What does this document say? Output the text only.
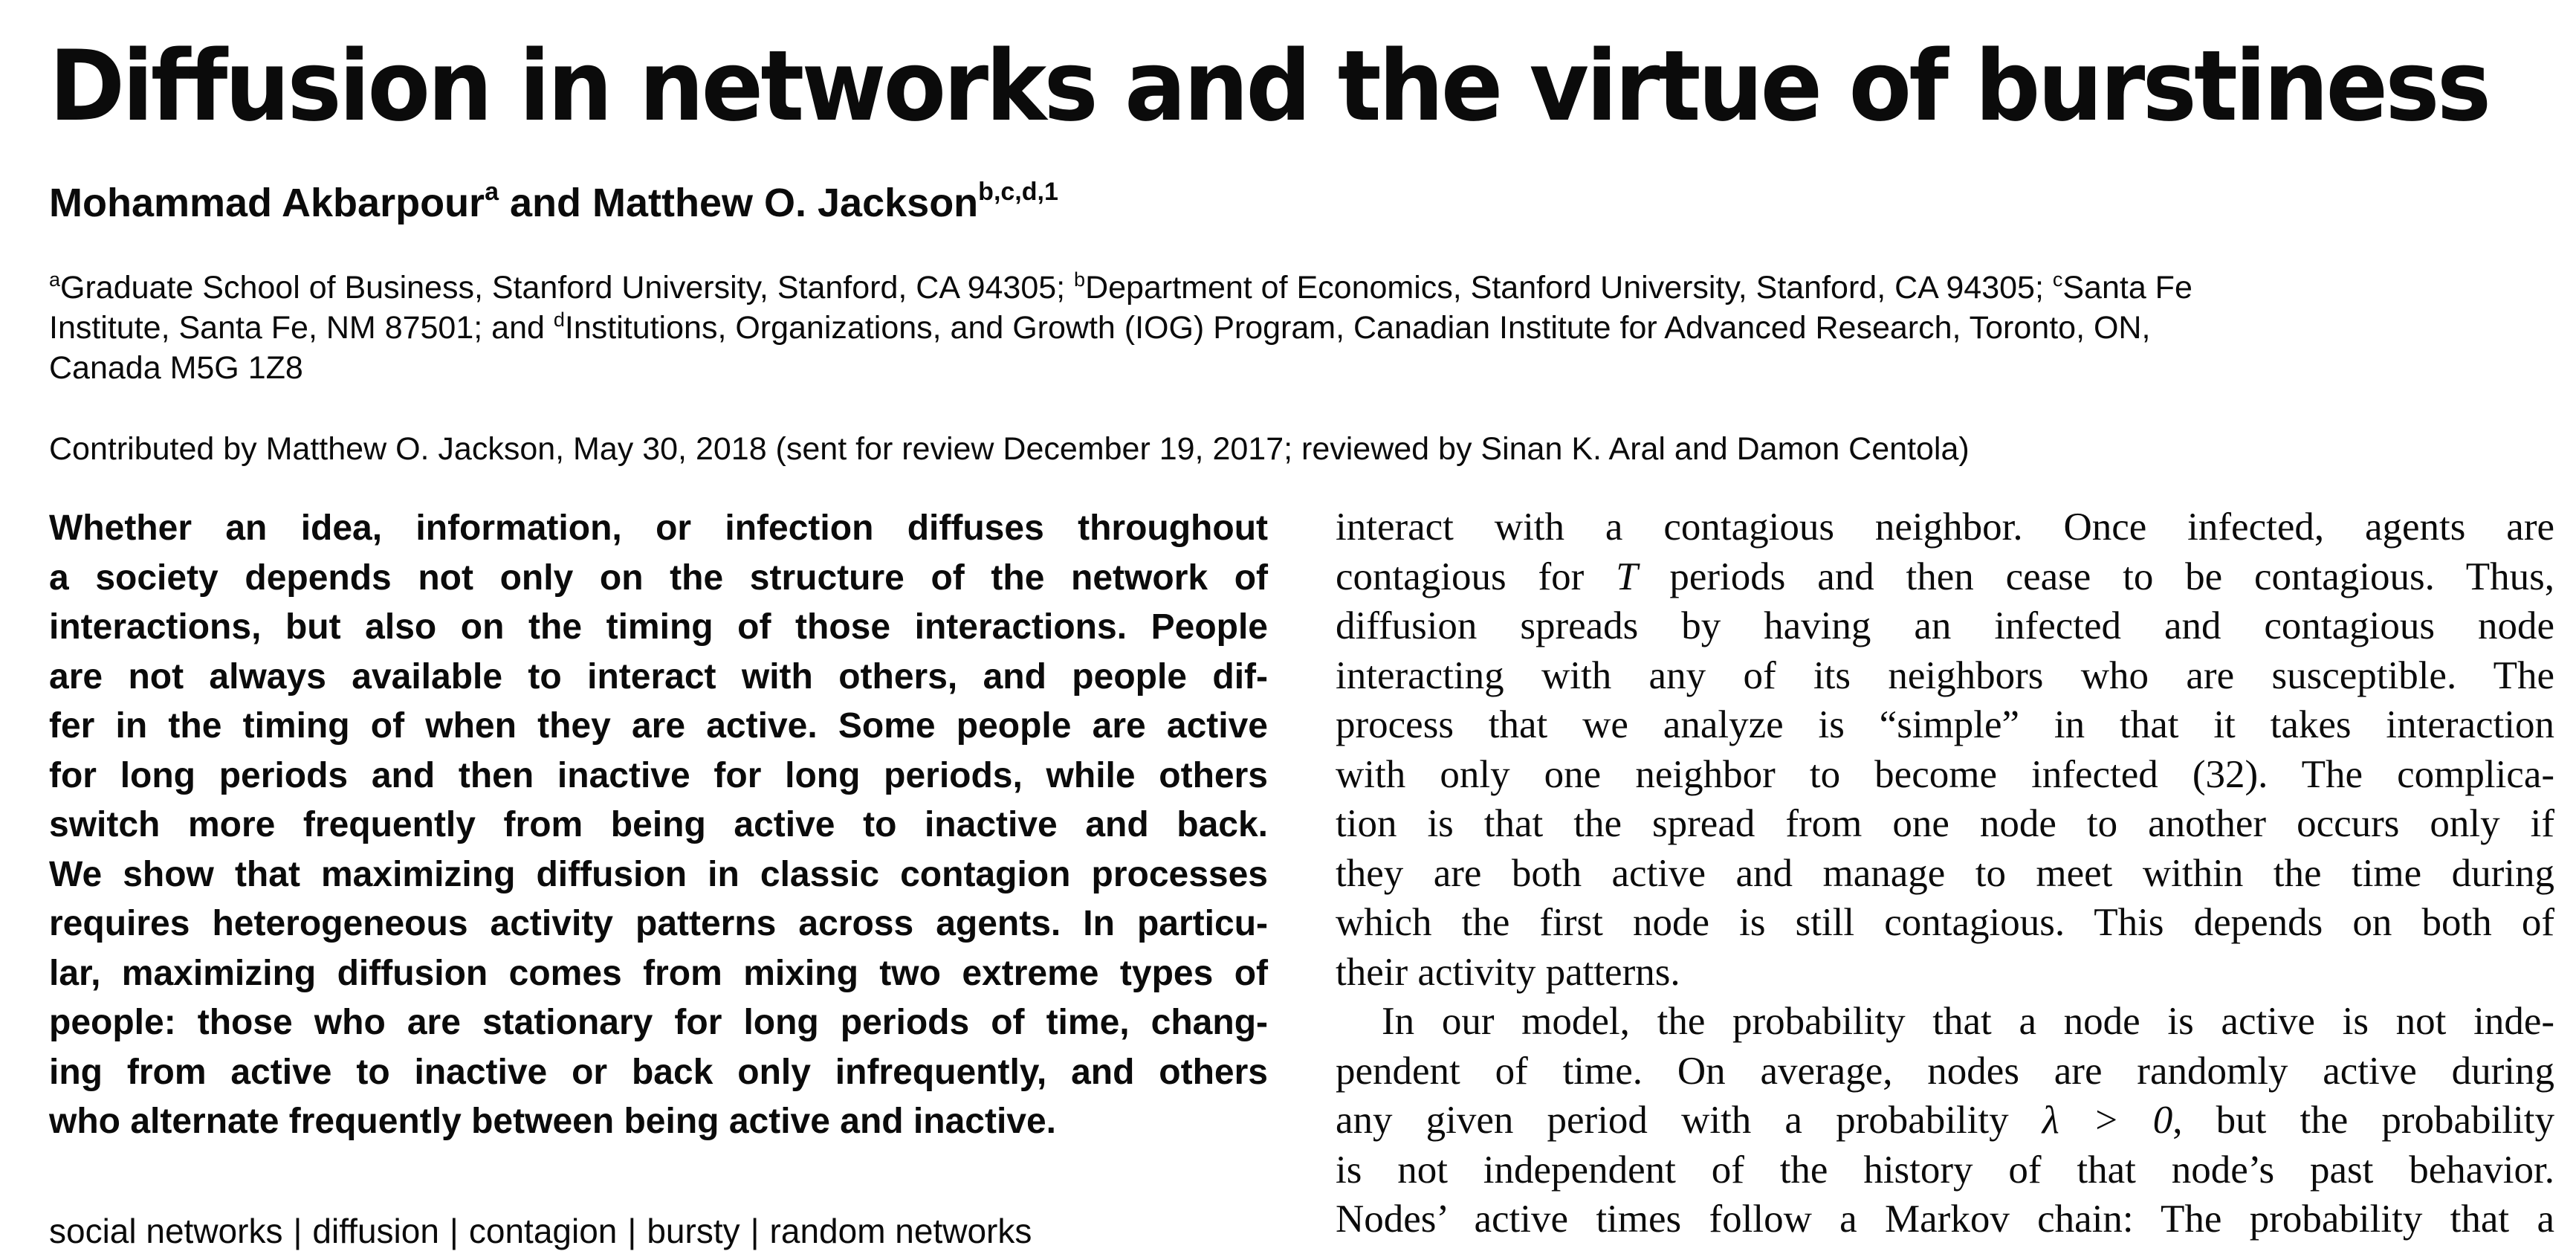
Diffusion in networks and the virtue of burstiness
Mohammad Akbarpour$^a$ and Matthew O. Jackson$^{b,c,d,1}$
$^a$Graduate School of Business, Stanford University, Stanford, CA 94305; $^b$Department of Economics, Stanford University, Stanford, CA 94305; $^c$Santa Fe
Institute, Santa Fe, NM 87501; and $^d$Institutions, Organizations, and Growth (IOG) Program, Canadian Institute for Advanced Research, Toronto, ON,
Canada M5G 1Z8
Contributed by Matthew O. Jackson, May 30, 2018 (sent for review December 19, 2017; reviewed by Sinan K. Aral and Damon Centola)
Whether an idea, information, or infection diffuses throughout
a society depends not only on the structure of the network of
interactions, but also on the timing of those interactions. People
are not always available to interact with others, and people dif-
fer in the timing of when they are active. Some people are active
for long periods and then inactive for long periods, while others
switch more frequently from being active to inactive and back.
We show that maximizing diffusion in classic contagion processes
requires heterogeneous activity patterns across agents. In particu-
lar, maximizing diffusion comes from mixing two extreme types of
people: those who are stationary for long periods of time, chang-
ing from active to inactive or back only infrequently, and others
who alternate frequently between being active and inactive.
social networks | diffusion | contagion | bursty | random networks
interact with a contagious neighbor. Once infected, agents are
contagious for T periods and then cease to be contagious. Thus,
diffusion spreads by having an infected and contagious node
interacting with any of its neighbors who are susceptible. The
process that we analyze is “simple” in that it takes interaction
with only one neighbor to become infected (32). The complica-
tion is that the spread from one node to another occurs only if
they are both active and manage to meet within the time during
which the first node is still contagious. This depends on both of
their activity patterns.
In our model, the probability that a node is active is not inde-
pendent of time. On average, nodes are randomly active during
any given period with a probability λ > 0, but the probability
is not independent of the history of that node’s past behavior.
Nodes’ active times follow a Markov chain: The probability that a
